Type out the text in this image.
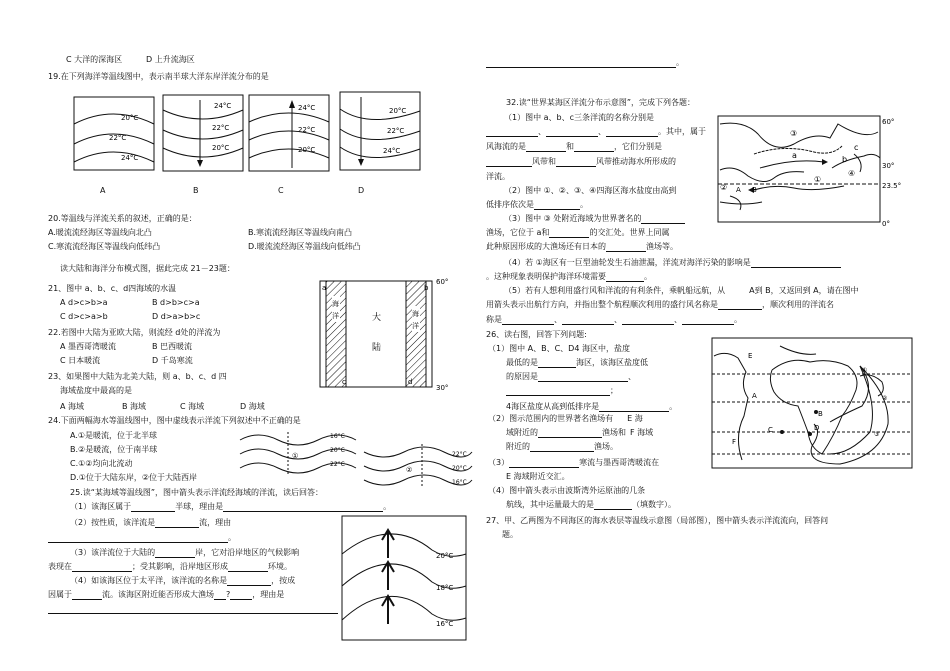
C 大洋的深海区	D 上升流海区
19.在下列海洋等温线图中，表示南半球大洋东岸洋流分布的是
20°C
22°C
24°C
24°C
22°C
20°C
24°C
22°C
20°C
20°C
22°C
24°C
A	B	C	D
20.等温线与洋流关系的叙述，正确的是：
A.暖流流经海区等温线向北凸	B.寒流流经海区等温线向南凸
C.寒流流经海区等温线向低纬凸	D.暖流流经海区等温线向低纬凸
读大陆和海洋分布模式图，据此完成 21－23题：
21、图中 a、b、c、d四海域的水温
A d>c>b>a	B d>b>c>a
C d>c>a>b	D d>a>b>c
22.若图中大陆为亚欧大陆，则流经 d处的洋流为
A 墨西哥湾暖流	B 巴西暖流
C 日本暖流	D 千岛寒流
23、如果图中大陆为北美大陆，则 a、b、c、d 四
海域盐度中最高的是
A 海域	B 海域	C 海域	D 海域
海
洋	海
洋
大
陆
60°
30°
a	b
c	d
24.下面两幅海水等温线图中，图中虚线表示洋流下列叙述中不正确的是
A.①是暖流，位于北半球
B.②是暖流，位于南半球
C.①②均向北流动
D.①位于大陆东岸，②位于大陆西岸
①
16°C
20°C
22°C
②
22°C
20°C
16°C
25.读“某海域等温线图”，图中箭头表示洋流经海域的洋流，读后回答：
（1）该海区属于	半球，理由是	。
（2）按性质，该洋流是	流，理由
。
（3）该洋流位于大陆的	岸，它对沿岸地区的气候影响
表现在	；受其影响，沿岸地区形成	环境。
（4）如该海区位于太平洋，该洋流的名称是	，按成
因属于	流。该海区附近能否形成大渔场 ?	，理由是
20°C
18°C
16°C
。
32.读“世界某海区洋流分布示意图”，完成下列各题：
（1）图中 a、b、c三条洋流的名称分别是
、	、	。其中，属于
风海流的是	和	，它们分别是
风带和	风带推动海水所形成的
洋流。
（2）图中 ①、②、③、④四海区海水盐度由高到
低排序依次是	。
（3）图中 ③ 处附近海域为世界著名的
渔场，它位于 a和	的交汇处。世界上同属
此种原因形成的大渔场还有日本的	渔场等。
60°
30°
23.5°
0°
a	b
c
A B
①
②
③
④
（4）若 ①海区有一巨型油轮发生石油泄漏，洋流对海洋污染的影响是
。这种现象表明保护海洋环境需要	。
（5）若有人想利用盛行风和洋流的有利条件，乘帆船远航，从	A到 B，又返回到 A，请在图中
用箭头表示出航行方向，并指出整个航程顺次利用的盛行风名称是	，顺次利用的洋流名
称是	、	、	、	。
26、读右图，回答下列问题:
（1）图中 A、B、C、D4 海区中，盐度
最低的是	海区，该海区盐度低
的原因是	、
；
4海区盐度从高到低排序是	。
（2）图示范围内的世界著名渔场有 E 海
域附近的	渔场和 F 海域
附近的	渔场。
（3）	寒流与墨西哥湾暖流在
E 海域附近交汇。
（4）图中箭头表示由波斯湾外运原油的几条
航线，其中运量最大的是	（填数字）。
B
D
C
A
E
F
①
②
③
27、甲、乙两图为不同海区的海水表层等温线示意图（局部图），图中箭头表示洋流流向，回答问
题。
